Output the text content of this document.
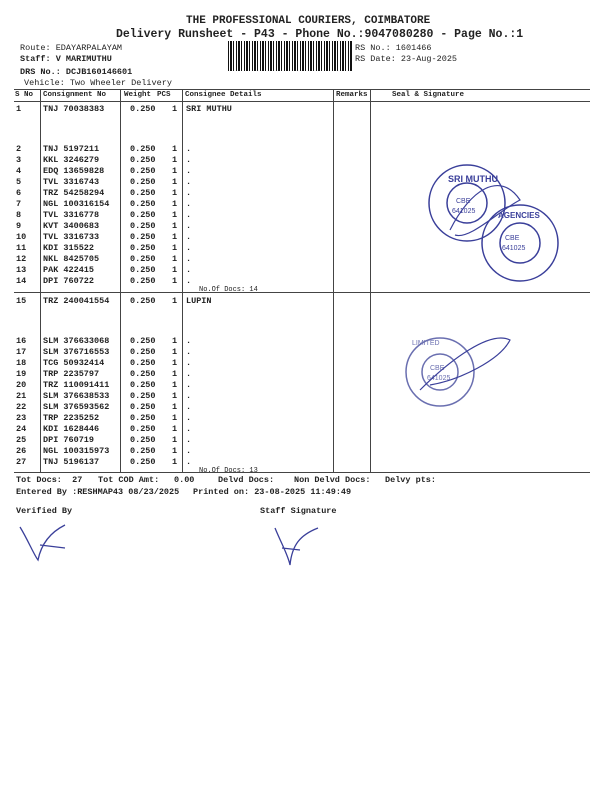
THE PROFESSIONAL COURIERS, COIMBATORE
Delivery Runsheet - P43 - Phone No.:9047080280 - Page No.:1
Route: EDAYARPALAYAM
Staff: V MARIMUTHU
DRS No.: DCJB160146601
Vehicle: Two Wheeler Delivery
RS No.: 1601466
RS Date: 23-Aug-2025
S No Consignment No Weight PCS Consignee Details	Remarks	Seal & Signature
1	TNJ 70038383	0.250 1 SRI MUTHU
2	TNJ 5197211	0.250 1 .
3	KKL 3246279	0.250 1 .
4	EDQ 13659828	0.250 1 .
5	TVL 3316743	0.250 1 .
6	TRZ 54258294	0.250 1 .
7	NGL 100316154 0.250 1 .
8	TVL 3316778	0.250 1 .
9	KVT 3400683	0.250 1 .
10 TVL 3316733	0.250 1 .
11 KDI 315522	0.250 1 .
12 NKL 8425705	0.250 1 .
13 PAK 422415	0.250 1 .
14 DPI 760722	0.250 1 .
No.Of Docs: 14
15 TRZ 240041554 0.250 1 LUPIN
16 SLM 376633068 0.250 1 .
17 SLM 376716553 0.250 1 .
18 TCG 50932414	0.250 1 .
19 TRP 2235797	0.250 1 .
20 TRZ 110091411 0.250 1 .
21 SLM 376638533 0.250 1 .
22 SLM 376593562 0.250 1 .
23 TRP 2235252	0.250 1 .
24 KDI 1628446	0.250 1 .
25 DPI 760719	0.250 1 .
26 NGL 100315973 0.250 1 .
27 TNJ 5196137	0.250 1 .
No.Of Docs: 13
Tot Docs:  27 Tot COD Amt: 0.00	Delvd Docs: Non Delvd Docs: Delvy pts:
Entered By :RESHMAP43 08/23/2025 Printed on: 23-08-2025 11:49:49
Verified By	Staff Signature
SRI MUTHU
CBE
641025
CBE
641025
AGENCIES
CBE
641025
LIMITED
